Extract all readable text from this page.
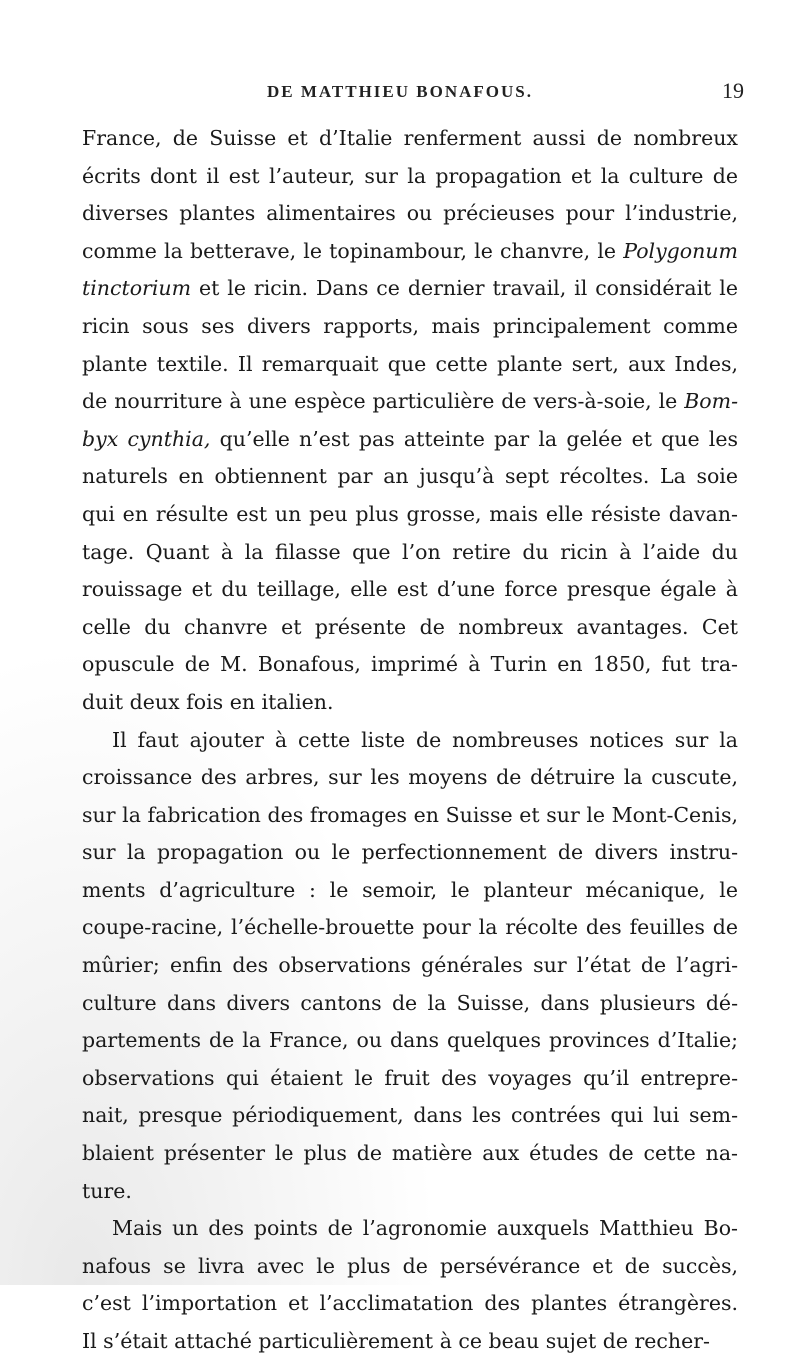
DE MATTHIEU BONAFOUS.	19
France, de Suisse et d’Italie renferment aussi de nombreux
écrits dont il est l’auteur, sur la propagation et la culture de
diverses plantes alimentaires ou précieuses pour l’industrie,
comme la betterave, le topinambour, le chanvre, le Polygonum
tinctorium et le ricin. Dans ce dernier travail, il considérait le
ricin sous ses divers rapports, mais principalement comme
plante textile. Il remarquait que cette plante sert, aux Indes,
de nourriture à une espèce particulière de vers-à-soie, le Bom-
byx cynthia, qu’elle n’est pas atteinte par la gelée et que les
naturels en obtiennent par an jusqu’à sept récoltes. La soie
qui en résulte est un peu plus grosse, mais elle résiste davan-
tage. Quant à la filasse que l’on retire du ricin à l’aide du
rouissage et du teillage, elle est d’une force presque égale à
celle du chanvre et présente de nombreux avantages. Cet
opuscule de M. Bonafous, imprimé à Turin en 1850, fut tra-
duit deux fois en italien.
Il faut ajouter à cette liste de nombreuses notices sur la
croissance des arbres, sur les moyens de détruire la cuscute,
sur la fabrication des fromages en Suisse et sur le Mont-Cenis,
sur la propagation ou le perfectionnement de divers instru-
ments d’agriculture : le semoir, le planteur mécanique, le
coupe-racine, l’échelle-brouette pour la récolte des feuilles de
mûrier; enfin des observations générales sur l’état de l’agri-
culture dans divers cantons de la Suisse, dans plusieurs dé-
partements de la France, ou dans quelques provinces d’Italie;
observations qui étaient le fruit des voyages qu’il entrepre-
nait, presque périodiquement, dans les contrées qui lui sem-
blaient présenter le plus de matière aux études de cette na-
ture.
Mais un des points de l’agronomie auxquels Matthieu Bo-
nafous se livra avec le plus de persévérance et de succès,
c’est l’importation et l’acclimatation des plantes étrangères.
Il s’était attaché particulièrement à ce beau sujet de recher-
